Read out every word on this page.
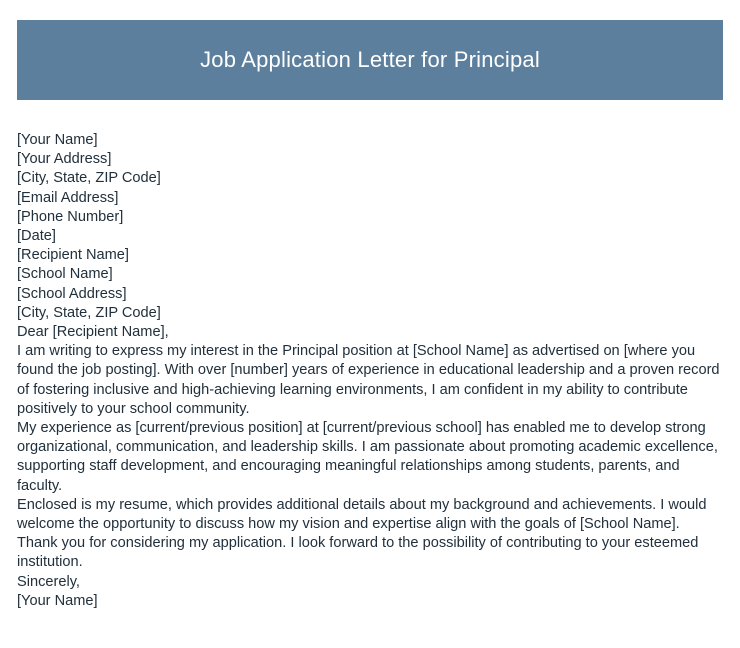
Job Application Letter for Principal
[Your Name]
[Your Address]
[City, State, ZIP Code]
[Email Address]
[Phone Number]
[Date]
[Recipient Name]
[School Name]
[School Address]
[City, State, ZIP Code]
Dear [Recipient Name],

I am writing to express my interest in the Principal position at [School Name] as advertised on [where you found the job posting]. With over [number] years of experience in educational leadership and a proven record of fostering inclusive and high-achieving learning environments, I am confident in my ability to contribute positively to your school community.

My experience as [current/previous position] at [current/previous school] has enabled me to develop strong organizational, communication, and leadership skills. I am passionate about promoting academic excellence, supporting staff development, and encouraging meaningful relationships among students, parents, and faculty.

Enclosed is my resume, which provides additional details about my background and achievements. I would welcome the opportunity to discuss how my vision and expertise align with the goals of [School Name].

Thank you for considering my application. I look forward to the possibility of contributing to your esteemed institution.

Sincerely,
[Your Name]
